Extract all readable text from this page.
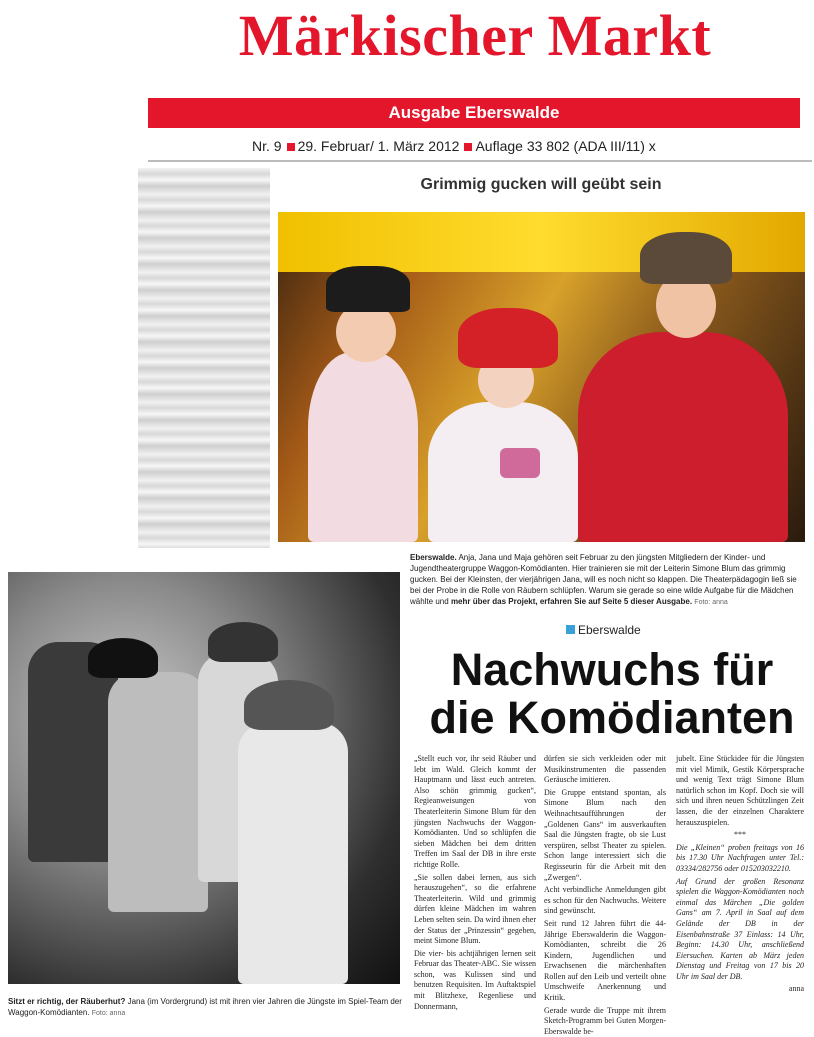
Märkischer Markt
Ausgabe Eberswalde
Nr. 9 29. Februar/ 1. März 2012 Auflage 33 802 (ADA III/11) x
Grimmig gucken will geübt sein
Eberswalde. Anja, Jana und Maja gehören seit Februar zu den jüngsten Mitgliedern der Kinder- und Jugendtheatergruppe Waggon-Komödianten. Hier trainieren sie mit der Leiterin Simone Blum das grimmig gucken. Bei der Kleinsten, der vierjährigen Jana, will es noch nicht so klappen. Die Theaterpädagogin ließ sie bei der Probe in die Rolle von Räubern schlüpfen. Warum sie gerade so eine wilde Aufgabe für die Mädchen wählte und mehr über das Projekt, erfahren Sie auf Seite 5 dieser Ausgabe. Foto: anna
Sitzt er richtig, der Räuberhut? Jana (im Vordergrund) ist mit ihren vier Jahren die Jüngste im Spiel-Team der Waggon-Komödianten. Foto: anna
Eberswalde
Nachwuchs für
die Komödianten

„Stellt euch vor, ihr seid Räuber und lebt im Wald. Gleich kommt der Hauptmann und lässt euch antreten. Also schön grimmig gucken“, Regieanweisungen von Theaterleiterin Simone Blum für den jüngsten Nachwuchs der Waggon-Komödianten. Und so schlüpfen die sieben Mädchen bei dem dritten Treffen im Saal der DB in ihre erste richtige Rolle.

„Sie sollen dabei lernen, aus sich herauszugehen“, so die erfahrene Theaterleiterin. Wild und grimmig dürfen kleine Mädchen im wahren Leben selten sein. Da wird ihnen eher der Status der „Prinzessin“ gegeben, meint Simone Blum.

Die vier- bis achtjährigen lernen seit Februar das Theater-ABC. Sie wissen schon, was Kulissen sind und benutzen Requisiten. Im Auftaktspiel mit Blitzhexe, Regenliese und Donnermann,

dürfen sie sich verkleiden oder mit Musikinstrumenten die passenden Geräusche imitieren.

Die Gruppe entstand spontan, als Simone Blum nach den Weihnachtsaufführungen der „Goldenen Gans“ im ausverkauften Saal die Jüngsten fragte, ob sie Lust verspüren, selbst Theater zu spielen. Schon lange interessiert sich die Regisseurin für die Arbeit mit den „Zwergen“.

Acht verbindliche Anmeldungen gibt es schon für den Nachwuchs. Weitere sind gewünscht.

Seit rund 12 Jahren führt die 44-Jährige Eberswalderin die Waggon-Komödianten, schreibt die 26 Kindern, Jugendlichen und Erwachsenen die märchenhaften Rollen auf den Leib und verteilt ohne Umschweife Anerkennung und Kritik.

Gerade wurde die Truppe mit ihrem Sketch-Programm bei Guten Morgen-Eberswalde be-

jubelt. Eine Stückidee für die Jüngsten mit viel Mimik, Gestik Körpersprache und wenig Text trägt Simone Blum natürlich schon im Kopf. Doch sie will sich und ihren neuen Schützlingen Zeit lassen, die der einzelnen Charaktere herauszuspielen.

***

Die „Kleinen“ proben freitags von 16 bis 17.30 Uhr Nachfragen unter Tel.: 03334/282756 oder 015203032210.

Auf Grund der großen Resonanz spielen die Waggon-Komödianten noch einmal das Märchen „Die golden Gans“ am 7. April in Saal auf dem Gelände der DB in der Eisenbahnstraße 37 Einlass: 14 Uhr, Beginn: 14.30 Uhr, anschließend Eiersuchen. Karten ab März jeden Dienstag und Freitag von 17 bis 20 Uhr im Saal der DB.

anna
